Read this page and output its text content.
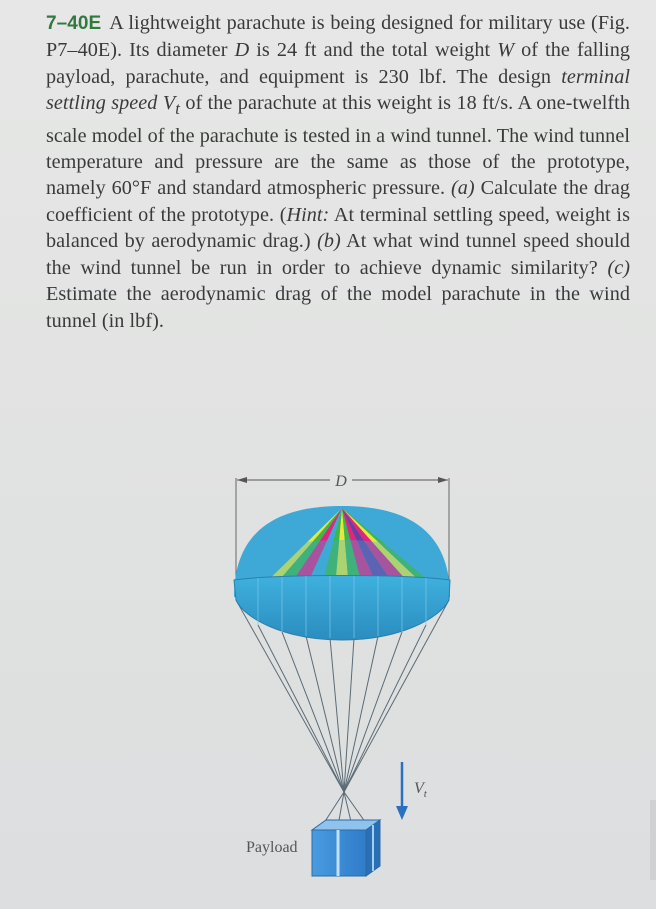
7–40E A lightweight parachute is being designed for military use (Fig. P7–40E). Its diameter D is 24 ft and the total weight W of the falling payload, parachute, and equipment is 230 lbf. The design terminal settling speed $V_t$ of the parachute at this weight is 18 ft/s. A one-twelfth scale model of the parachute is tested in a wind tunnel. The wind tunnel temperature and pressure are the same as those of the prototype, namely 60°F and standard atmospheric pressure. (a) Calculate the drag coefficient of the prototype. (Hint: At terminal settling speed, weight is balanced by aerodynamic drag.) (b) At what wind tunnel speed should the wind tunnel be run in order to achieve dynamic similarity? (c) Estimate the aerodynamic drag of the model parachute in the wind tunnel (in lbf).
D
$V_t$
Payload
